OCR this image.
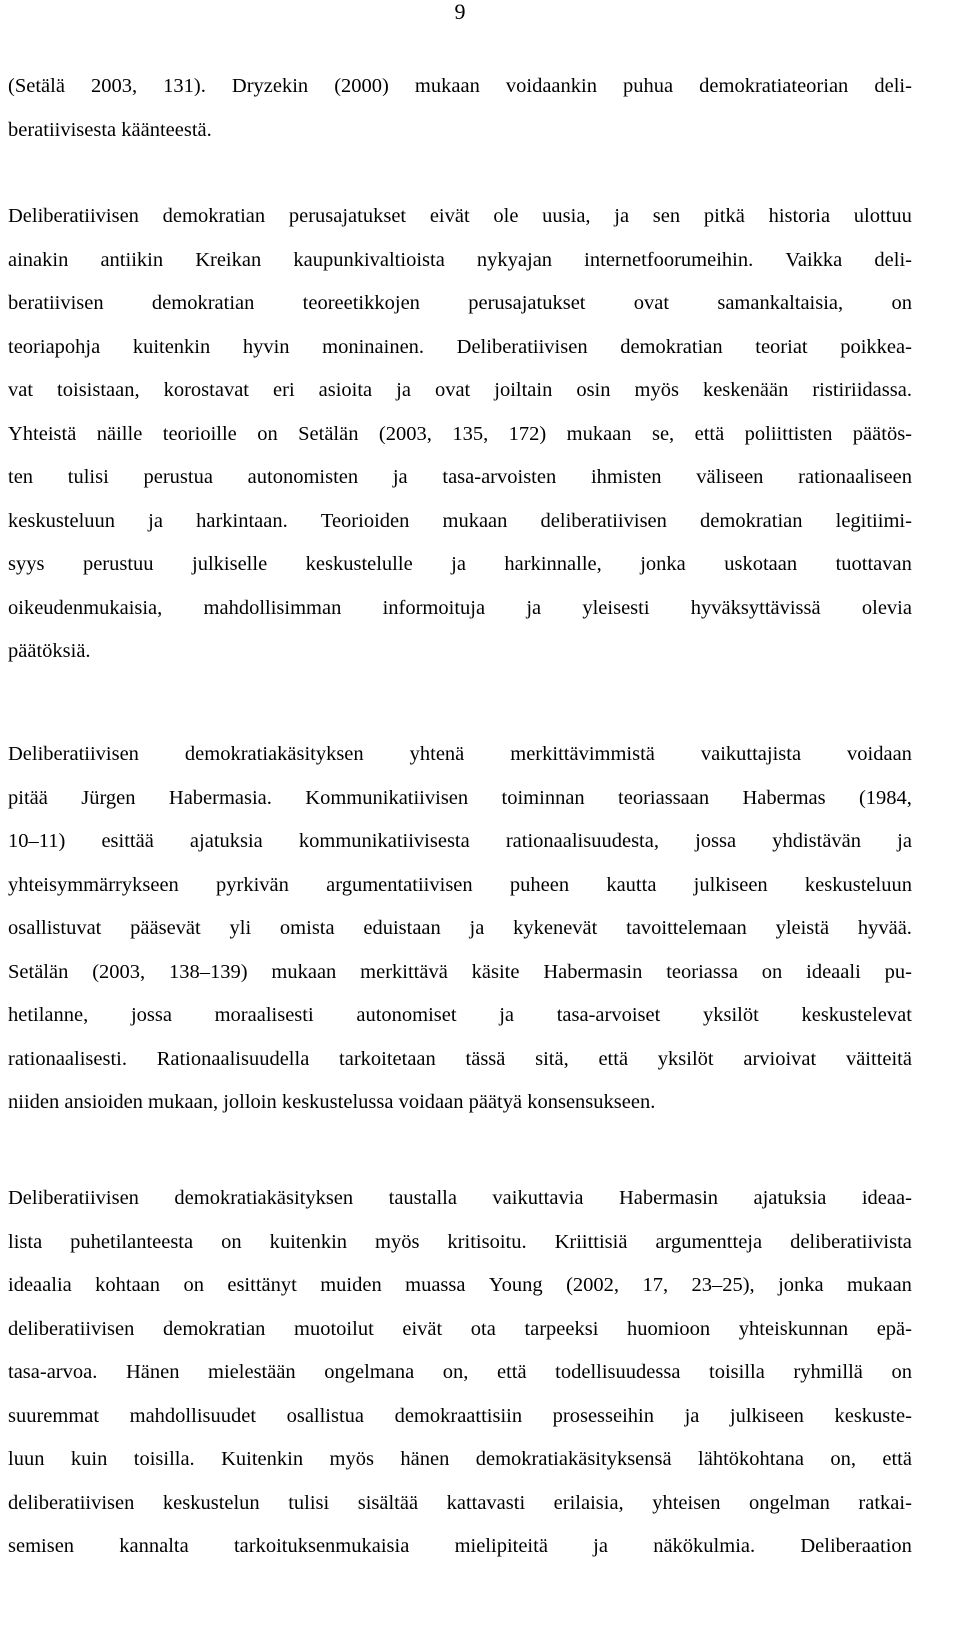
9
(Setälä 2003, 131). Dryzekin (2000) mukaan voidaankin puhua demokratiateorian deli-
beratiivisesta käänteestä.
Deliberatiivisen demokratian perusajatukset eivät ole uusia, ja sen pitkä historia ulottuu
ainakin antiikin Kreikan kaupunkivaltioista nykyajan internetfoorumeihin. Vaikka deli-
beratiivisen demokratian teoreetikkojen perusajatukset ovat samankaltaisia, on
teoriapohja kuitenkin hyvin moninainen. Deliberatiivisen demokratian teoriat poikkea-
vat toisistaan, korostavat eri asioita ja ovat joiltain osin myös keskenään ristiriidassa.
Yhteistä näille teorioille on Setälän (2003, 135, 172) mukaan se, että poliittisten päätös-
ten tulisi perustua autonomisten ja tasa-arvoisten ihmisten väliseen rationaaliseen
keskusteluun ja harkintaan. Teorioiden mukaan deliberatiivisen demokratian legitiimi-
syys perustuu julkiselle keskustelulle ja harkinnalle, jonka uskotaan tuottavan
oikeudenmukaisia, mahdollisimman informoituja ja yleisesti hyväksyttävissä olevia
päätöksiä.
Deliberatiivisen demokratiakäsityksen yhtenä merkittävimmistä vaikuttajista voidaan
pitää Jürgen Habermasia. Kommunikatiivisen toiminnan teoriassaan Habermas (1984,
10–11) esittää ajatuksia kommunikatiivisesta rationaalisuudesta, jossa yhdistävän ja
yhteisymmärrykseen pyrkivän argumentatiivisen puheen kautta julkiseen keskusteluun
osallistuvat pääsevät yli omista eduistaan ja kykenevät tavoittelemaan yleistä hyvää.
Setälän (2003, 138–139) mukaan merkittävä käsite Habermasin teoriassa on ideaali pu-
hetilanne, jossa moraalisesti autonomiset ja tasa-arvoiset yksilöt keskustelevat
rationaalisesti. Rationaalisuudella tarkoitetaan tässä sitä, että yksilöt arvioivat väitteitä
niiden ansioiden mukaan, jolloin keskustelussa voidaan päätyä konsensukseen.
Deliberatiivisen demokratiakäsityksen taustalla vaikuttavia Habermasin ajatuksia ideaa-
lista puhetilanteesta on kuitenkin myös kritisoitu. Kriittisiä argumentteja deliberatiivista
ideaalia kohtaan on esittänyt muiden muassa Young (2002, 17, 23–25), jonka mukaan
deliberatiivisen demokratian muotoilut eivät ota tarpeeksi huomioon yhteiskunnan epä-
tasa-arvoa. Hänen mielestään ongelmana on, että todellisuudessa toisilla ryhmillä on
suuremmat mahdollisuudet osallistua demokraattisiin prosesseihin ja julkiseen keskuste-
luun kuin toisilla. Kuitenkin myös hänen demokratiakäsityksensä lähtökohtana on, että
deliberatiivisen keskustelun tulisi sisältää kattavasti erilaisia, yhteisen ongelman ratkai-
semisen kannalta tarkoituksenmukaisia mielipiteitä ja näkökulmia. Deliberaation
